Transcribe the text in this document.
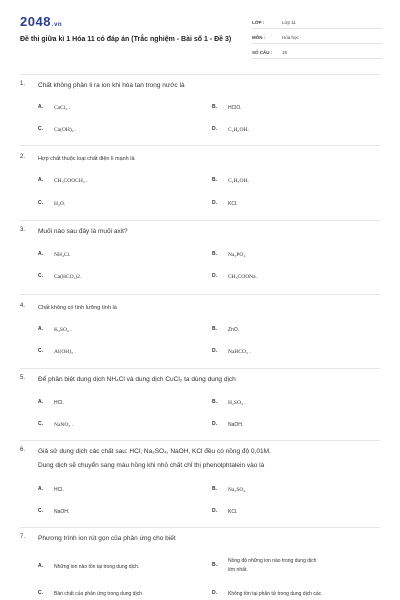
2048.vn
Đề thi giữa kì 1 Hóa 11 có đáp án (Trắc nghiệm - Bài số 1 - Đề 3)
LỚP :	Lớp 11
MÔN :	Hóa học
SỐ CÂU :	15
1. Chất không phân li ra ion khi hòa tan trong nước là
A.	CaCl₂ .	B.	HClO.
C.	Ca(OH)₂ .	D.	C₂H₅OH.
2. Hợp chất thuộc loại chất điện li mạnh là
A.	CH₃COOCH₃ .	B.	C₂H₅OH.
C.	H₂O.	D.	KCl.
3. Muối nào sau đây là muối axit?
A.	NH₄Cl.	B.	Na₃PO₄
C.	Ca(HCO₃)2.	D.	CH₃COONa.
4. Chất không có tính lưỡng tính là
A.	K₂SO₄ .	B.	ZnO.
C.	Al(OH)₃ .	D.	NaHCO₃ .
5. Để phân biệt dung dịch NH₄Cl và dung dịch CuCl₂ ta dùng dung dịch
A.	HCl.	B.	H₂SO₄ .
C.	NaNO₃ .	D.	NaOH.
6. Giả sử dung dịch các chất sau: HCl; Na₂SO₄, NaOH, KCl đều có nồng độ 0,01M.
Dung dịch sẽ chuyển sang màu hồng khi nhỏ chất chỉ thị phenolphtalein vào là
A.	HCl.	B.	Na₂SO₄
C.	NaOH.	D.	KCl.
7. Phương trình ion rút gọn của phản ứng cho biết
A.	Những ion nào tồn tại trong dung dịch.	B.
Nồng độ những ion nào trong dung dịch
lớn nhất.
C.	Bản chất của phản ứng trong dung dịch	D.	Không tồn tại phân tử trong dung dịch các
